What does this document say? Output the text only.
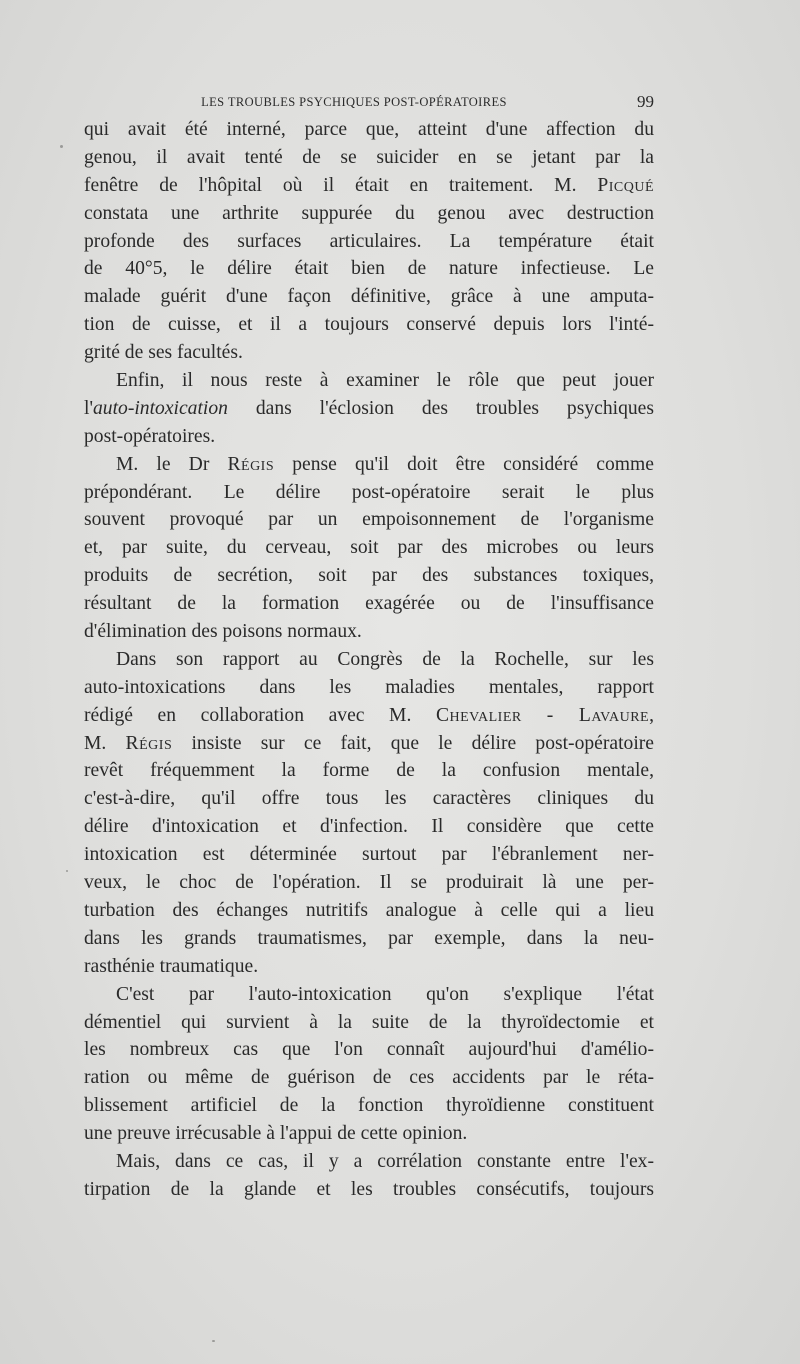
LES TROUBLES PSYCHIQUES POST-OPÉRATOIRES	99
qui avait été interné, parce que, atteint d'une affection du
genou, il avait tenté de se suicider en se jetant par la
fenêtre de l'hôpital où il était en traitement. M. Picqué
constata une arthrite suppurée du genou avec destruction
profonde des surfaces articulaires. La température était
de 40°5, le délire était bien de nature infectieuse. Le
malade guérit d'une façon définitive, grâce à une amputa-
tion de cuisse, et il a toujours conservé depuis lors l'inté-
grité de ses facultés.
Enfin, il nous reste à examiner le rôle que peut jouer
l'auto-intoxication dans l'éclosion des troubles psychiques
post-opératoires.
M. le Dr Régis pense qu'il doit être considéré comme
prépondérant. Le délire post-opératoire serait le plus
souvent provoqué par un empoisonnement de l'organisme
et, par suite, du cerveau, soit par des microbes ou leurs
produits de secrétion, soit par des substances toxiques,
résultant de la formation exagérée ou de l'insuffisance
d'élimination des poisons normaux.
Dans son rapport au Congrès de la Rochelle, sur les
auto-intoxications dans les maladies mentales, rapport
rédigé en collaboration avec M. Chevalier - Lavaure,
M. Régis insiste sur ce fait, que le délire post-opératoire
revêt fréquemment la forme de la confusion mentale,
c'est-à-dire, qu'il offre tous les caractères cliniques du
délire d'intoxication et d'infection. Il considère que cette
intoxication est déterminée surtout par l'ébranlement ner-
veux, le choc de l'opération. Il se produirait là une per-
turbation des échanges nutritifs analogue à celle qui a lieu
dans les grands traumatismes, par exemple, dans la neu-
rasthénie traumatique.
C'est par l'auto-intoxication qu'on s'explique l'état
démentiel qui survient à la suite de la thyroïdectomie et
les nombreux cas que l'on connaît aujourd'hui d'amélio-
ration ou même de guérison de ces accidents par le réta-
blissement artificiel de la fonction thyroïdienne constituent
une preuve irrécusable à l'appui de cette opinion.
Mais, dans ce cas, il y a corrélation constante entre l'ex-
tirpation de la glande et les troubles consécutifs, toujours
